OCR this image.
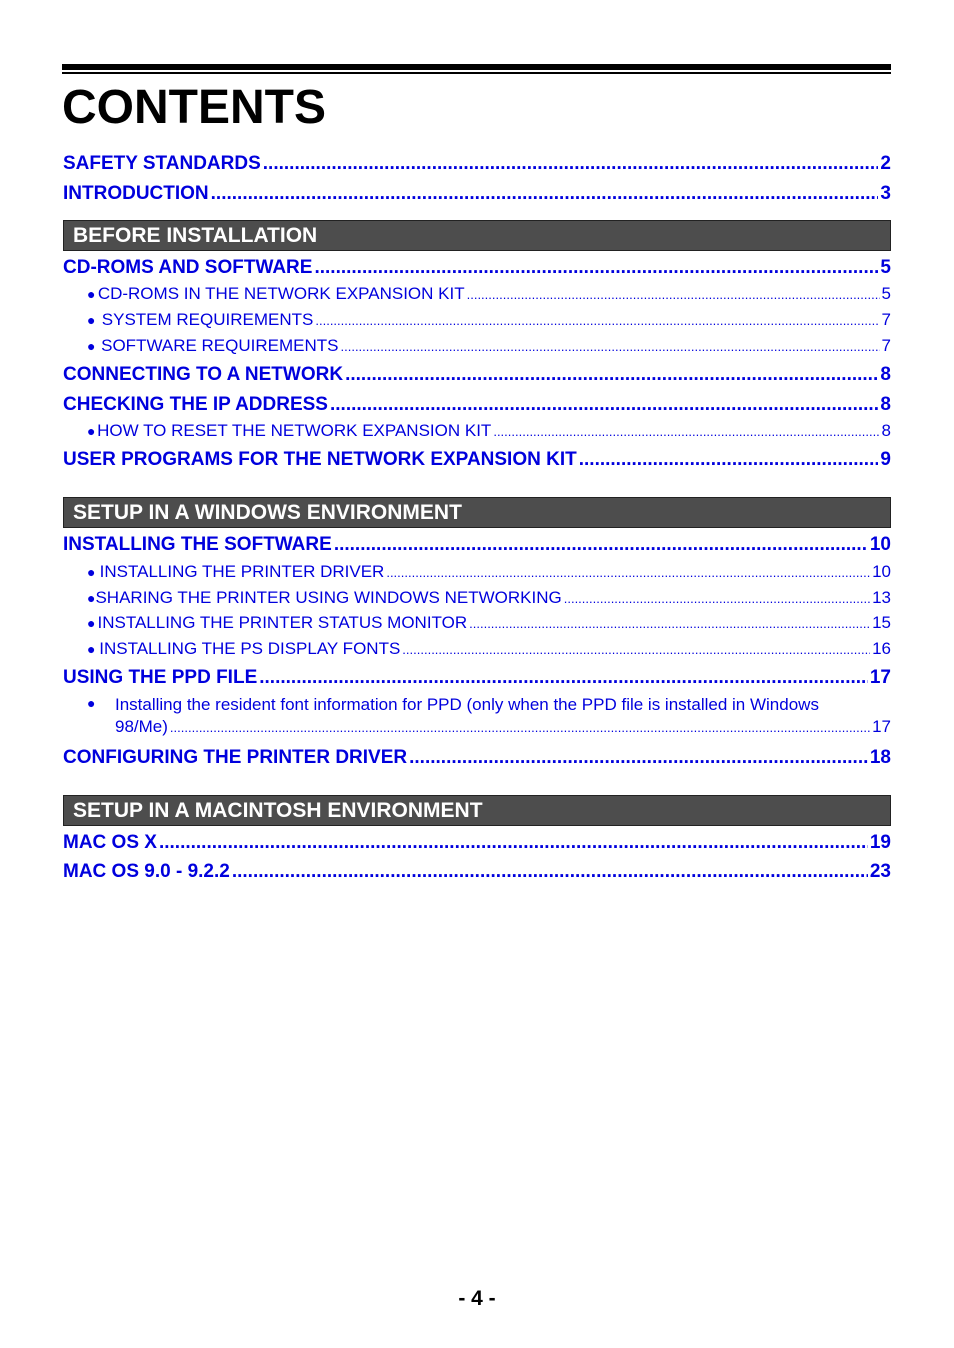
CONTENTS
SAFETY STANDARDS .....	2
INTRODUCTION .....	3
BEFORE INSTALLATION
CD-ROMS AND SOFTWARE .....	5
● CD-ROMS IN THE NETWORK EXPANSION KIT .....	5
● SYSTEM REQUIREMENTS .....	7
● SOFTWARE REQUIREMENTS .....	7
CONNECTING TO A NETWORK .....	8
CHECKING THE IP ADDRESS .....	8
● HOW TO RESET THE NETWORK EXPANSION KIT .....	8
USER PROGRAMS FOR THE NETWORK EXPANSION KIT .....	9
SETUP IN A WINDOWS ENVIRONMENT
INSTALLING THE SOFTWARE .....	10
● INSTALLING THE PRINTER DRIVER .....	10
● SHARING THE PRINTER USING WINDOWS NETWORKING .....	13
● INSTALLING THE PRINTER STATUS MONITOR .....	15
● INSTALLING THE PS DISPLAY FONTS .....	16
USING THE PPD FILE .....	17
●	Installing the resident font information for PPD (only when the PPD file is installed in Windows
98/Me) .....	17
CONFIGURING THE PRINTER DRIVER .....	18
SETUP IN A MACINTOSH ENVIRONMENT
MAC OS X .....	19
MAC OS 9.0 - 9.2.2 .....	23
- 4 -
